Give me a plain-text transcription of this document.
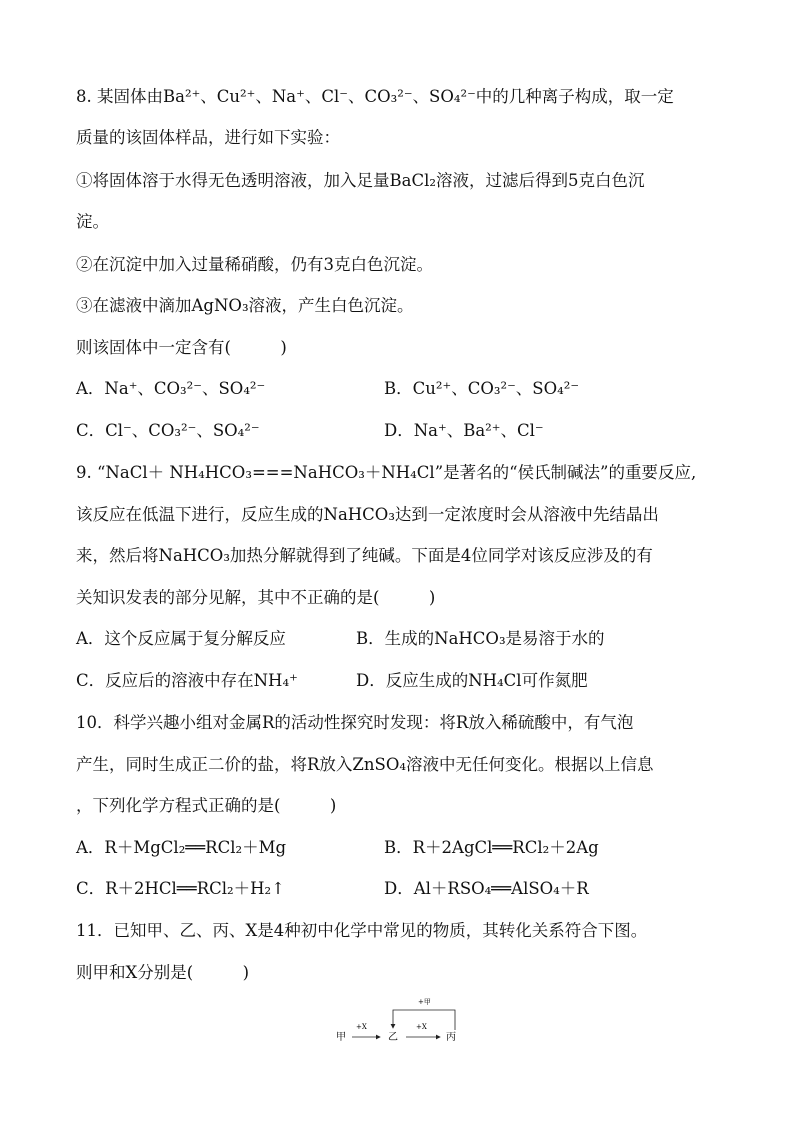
8. 某固体由Ba²⁺、Cu²⁺、Na⁺、Cl⁻、CO₃²⁻、SO₄²⁻中的几种离子构成，取一定
质量的该固体样品，进行如下实验：
①将固体溶于水得无色透明溶液，加入足量BaCl₂溶液，过滤后得到5克白色沉
淀。
②在沉淀中加入过量稀硝酸，仍有3克白色沉淀。
③在滤液中滴加AgNO₃溶液，产生白色沉淀。
则该固体中一定含有(　　　)
A．Na⁺、CO₃²⁻、SO₄²⁻	B．Cu²⁺、CO₃²⁻、SO₄²⁻
C．Cl⁻、CO₃²⁻、SO₄²⁻	D．Na⁺、Ba²⁺、Cl⁻
9. “NaCl＋ NH₄HCO₃===NaHCO₃＋NH₄Cl”是著名的“侯氏制碱法”的重要反应,
该反应在低温下进行，反应生成的NaHCO₃达到一定浓度时会从溶液中先结晶出
来，然后将NaHCO₃加热分解就得到了纯碱。下面是4位同学对该反应涉及的有
关知识发表的部分见解，其中不正确的是(　　　)
A．这个反应属于复分解反应	B．生成的NaHCO₃是易溶于水的
C．反应后的溶液中存在NH₄⁺	D．反应生成的NH₄Cl可作氮肥
10．科学兴趣小组对金属R的活动性探究时发现：将R放入稀硫酸中，有气泡
产生，同时生成正二价的盐，将R放入ZnSO₄溶液中无任何变化。根据以上信息
，下列化学方程式正确的是(　　　)
A．R＋MgCl₂══RCl₂＋Mg	B．R＋2AgCl══RCl₂＋2Ag
C．R＋2HCl══RCl₂＋H₂↑	D．Al＋RSO₄══AlSO₄＋R
11．已知甲、乙、丙、X是4种初中化学中常见的物质，其转化关系符合下图。
则甲和X分别是(　　　)
甲
+X
乙
+X
丙
+甲
